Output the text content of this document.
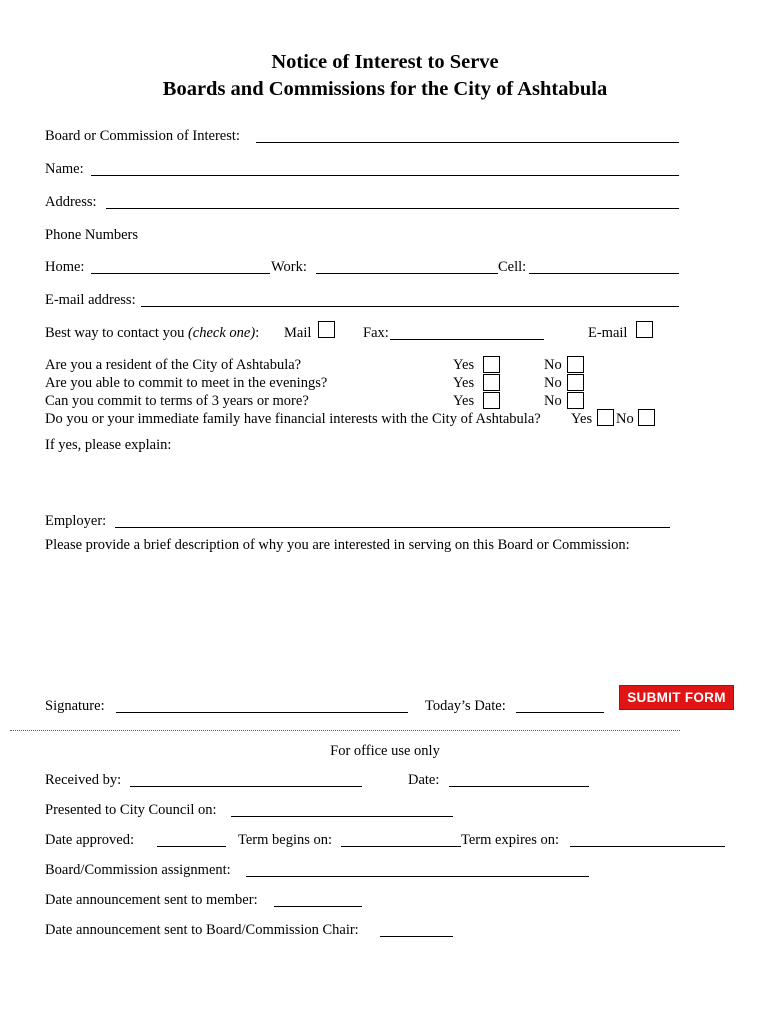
Notice of Interest to Serve
Boards and Commissions for the City of Ashtabula
Board or Commission of Interest:
Name:
Address:
Phone Numbers
Home:	Work:	Cell:
E-mail address:
Best way to contact you (check one): Mail	Fax:	E-mail
Are you a resident of the City of Ashtabula?	Yes	No
Are you able to commit to meet in the evenings?	Yes	No
Can you commit to terms of 3 years or more?	Yes	No
Do you or your immediate family have financial interests with the City of Ashtabula? Yes No
If yes, please explain:
Employer:
Please provide a brief description of why you are interested in serving on this Board or Commission:
Signature:	Today’s Date:
SUBMIT FORM
For office use only
Received by:	Date:
Presented to City Council on:
Date approved:	Term begins on:	Term expires on:
Board/Commission assignment:
Date announcement sent to member:
Date announcement sent to Board/Commission Chair:
